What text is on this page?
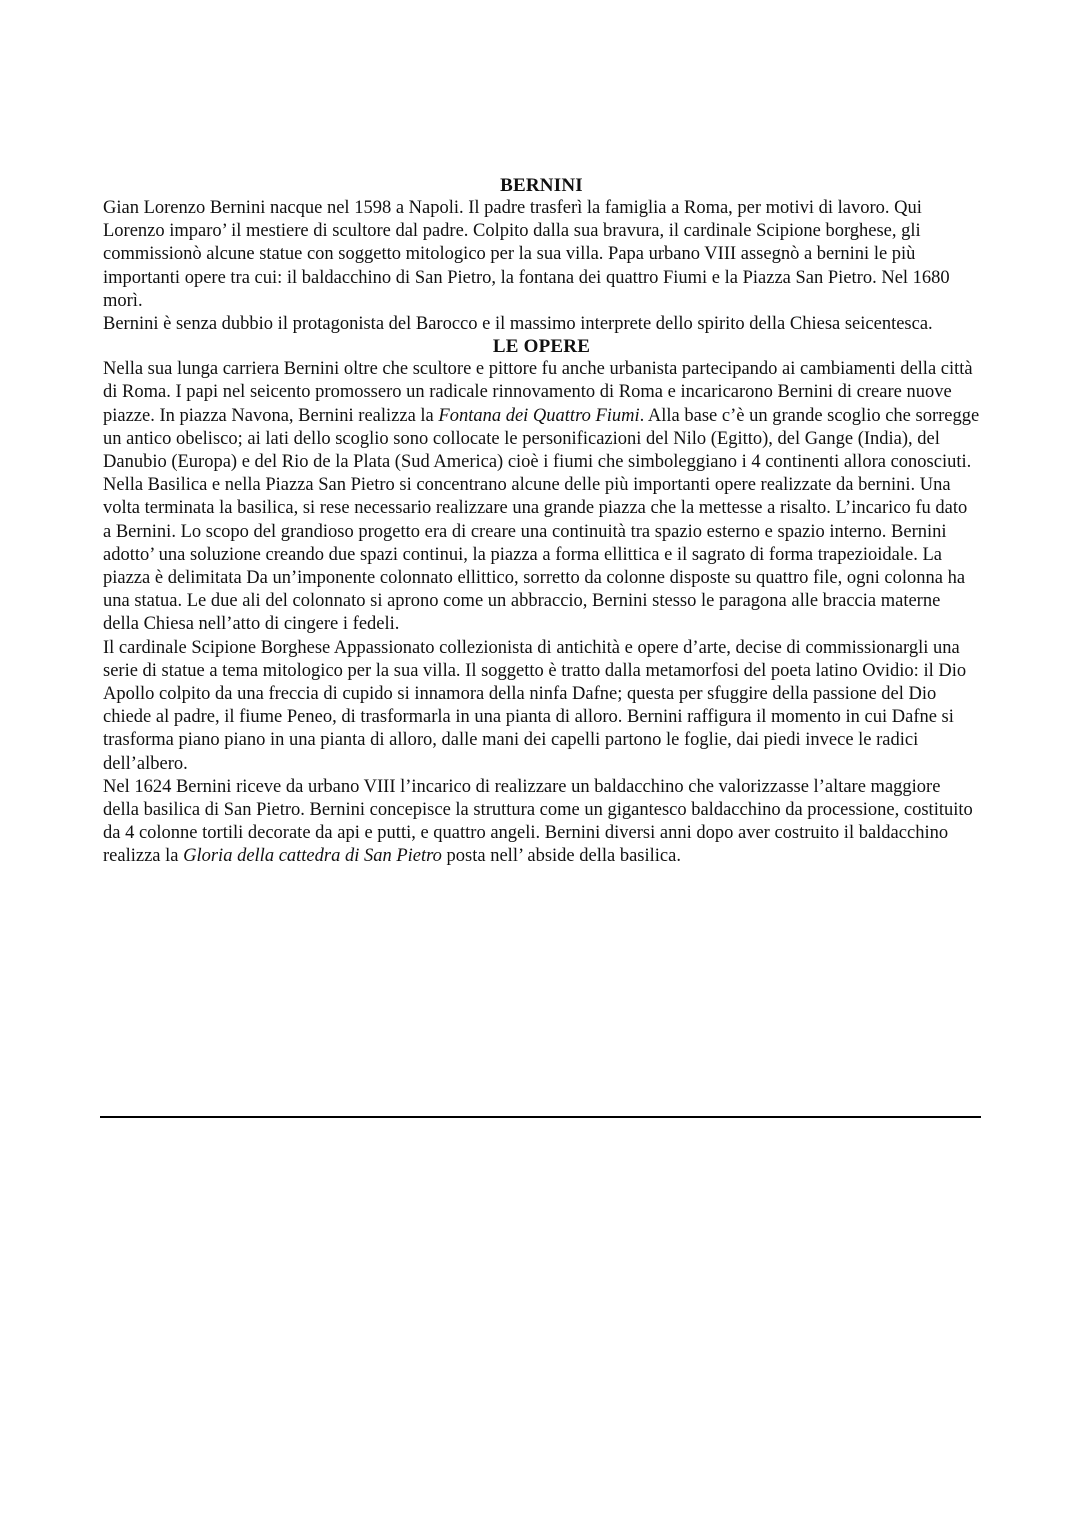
BERNINI

Gian Lorenzo Bernini nacque nel 1598 a Napoli. Il padre trasferì la famiglia a Roma, per motivi di lavoro. Qui Lorenzo imparo’ il mestiere di scultore dal padre. Colpito dalla sua bravura, il cardinale Scipione borghese, gli commissionò alcune statue con soggetto mitologico per la sua villa. Papa urbano VIII assegnò a bernini le più importanti opere tra cui: il baldacchino di San Pietro, la fontana dei quattro Fiumi e la Piazza San Pietro. Nel 1680 morì.

Bernini è senza dubbio il protagonista del Barocco e il massimo interprete dello spirito della Chiesa seicentesca.

LE OPERE

Nella sua lunga carriera Bernini oltre che scultore e pittore fu anche urbanista partecipando ai cambiamenti della città di Roma. I papi nel seicento promossero un radicale rinnovamento di Roma e incaricarono Bernini di creare nuove piazze. In piazza Navona, Bernini realizza la Fontana dei Quattro Fiumi. Alla base c’è un grande scoglio che sorregge un antico obelisco; ai lati dello scoglio sono collocate le personificazioni del Nilo (Egitto), del Gange (India), del Danubio (Europa) e del Rio de la Plata (Sud America) cioè i fiumi che simboleggiano i 4 continenti allora conosciuti.

Nella Basilica e nella Piazza San Pietro si concentrano alcune delle più importanti opere realizzate da bernini. Una volta terminata la basilica, si rese necessario realizzare una grande piazza che la mettesse a risalto. L’incarico fu dato a Bernini. Lo scopo del grandioso progetto era di creare una continuità tra spazio esterno e spazio interno. Bernini adotto’ una soluzione creando due spazi continui, la piazza a forma ellittica e il sagrato di forma trapezioidale. La piazza è delimitata Da un’imponente colonnato ellittico, sorretto da colonne disposte su quattro file, ogni colonna ha una statua. Le due ali del colonnato si aprono come un abbraccio, Bernini stesso le paragona alle braccia materne della Chiesa nell’atto di cingere i fedeli.

Il cardinale Scipione Borghese Appassionato collezionista di antichità e opere d’arte, decise di commissionargli una serie di statue a tema mitologico per la sua villa. Il soggetto è tratto dalla metamorfosi del poeta latino Ovidio: il Dio Apollo colpito da una freccia di cupido si innamora della ninfa Dafne; questa per sfuggire della passione del Dio chiede al padre, il fiume Peneo, di trasformarla in una pianta di alloro. Bernini raffigura il momento in cui Dafne si trasforma piano piano in una pianta di alloro, dalle mani dei capelli partono le foglie, dai piedi invece le radici dell’albero.

Nel 1624 Bernini riceve da urbano VIII l’incarico di realizzare un baldacchino che valorizzasse l’altare maggiore della basilica di San Pietro. Bernini concepisce la struttura come un gigantesco baldacchino da processione, costituito da 4 colonne tortili decorate da api e putti, e quattro angeli. Bernini diversi anni dopo aver costruito il baldacchino realizza la Gloria della cattedra di San Pietro posta nell’ abside della basilica.
